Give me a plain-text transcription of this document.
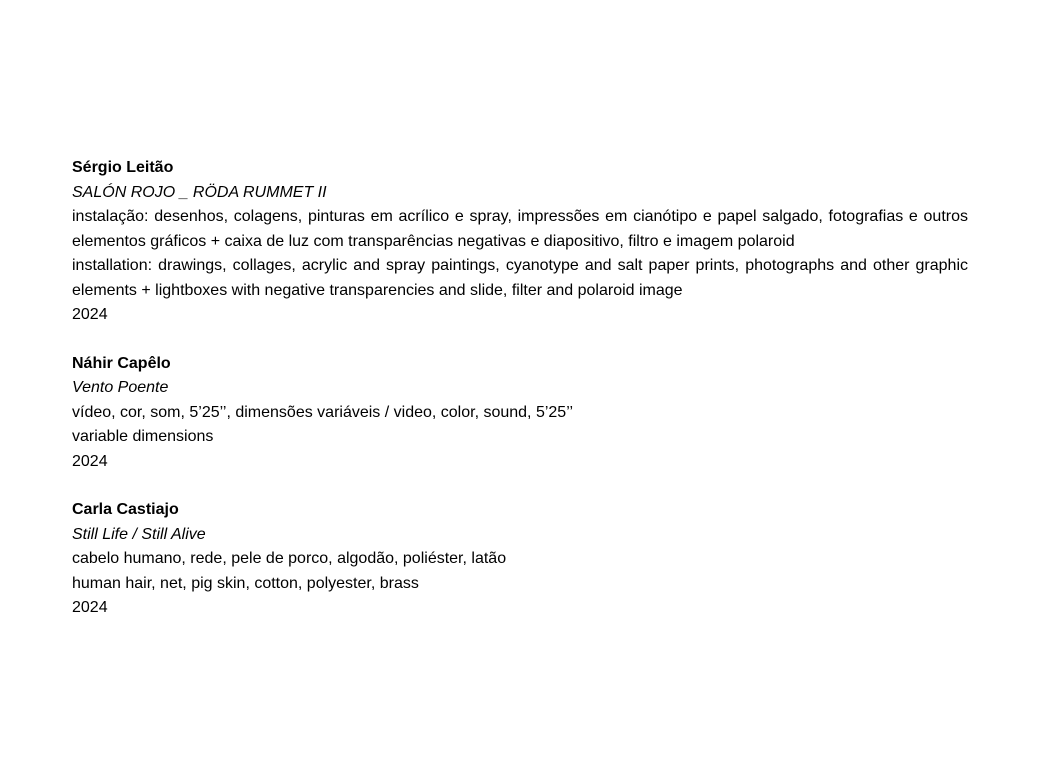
Sérgio Leitão

SALÓN ROJO _ RÖDA RUMMET II

instalação: desenhos, colagens, pinturas em acrílico e spray, impressões em cianótipo e papel salgado, fotografias e outros elementos gráficos + caixa de luz com transparências negativas e diapositivo, filtro e imagem polaroid

installation: drawings, collages, acrylic and spray paintings, cyanotype and salt paper prints, photographs and other graphic elements + lightboxes with negative transparencies and slide, filter and polaroid image

2024

Náhir Capêlo

Vento Poente

vídeo, cor, som, 5’25’’, dimensões variáveis / video, color, sound, 5’25’’

variable dimensions

2024

Carla Castiajo

Still Life / Still Alive

cabelo humano, rede, pele de porco, algodão, poliéster, latão

human hair, net, pig skin, cotton, polyester, brass

2024
